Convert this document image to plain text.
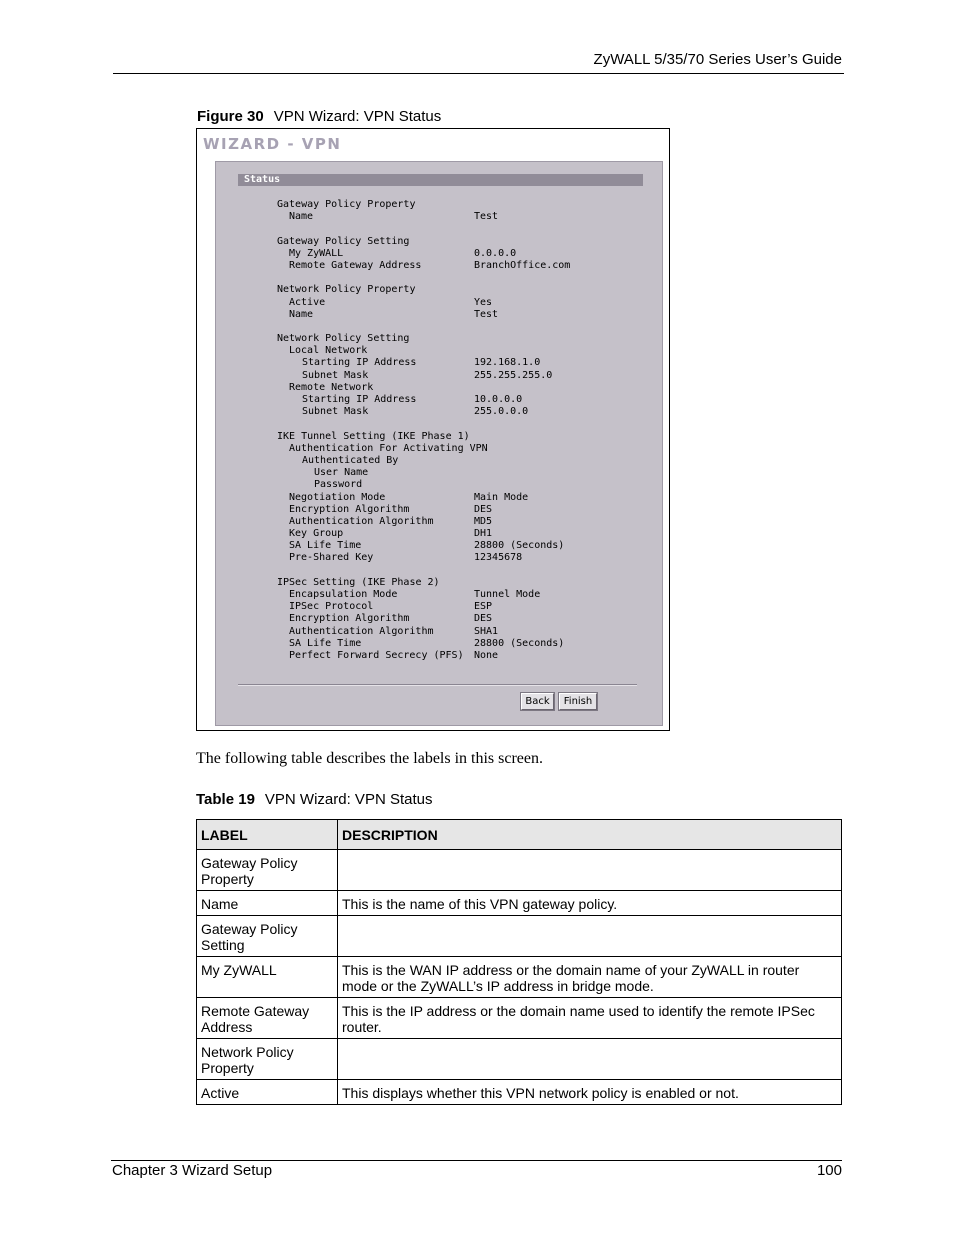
ZyWALL 5/35/70 Series User’s Guide
Figure 30 VPN Wizard: VPN Status
WIZARD - VPN
Status
Gateway Policy Property
Name	Test
Gateway Policy Setting
My ZyWALL	0.0.0.0
Remote Gateway Address	BranchOffice.com
Network Policy Property
Active	Yes
Name	Test
Network Policy Setting
Local Network
Starting IP Address	192.168.1.0
Subnet Mask	255.255.255.0
Remote Network
Starting IP Address	10.0.0.0
Subnet Mask	255.0.0.0
IKE Tunnel Setting (IKE Phase 1)
Authentication For Activating VPN
Authenticated By
User Name
Password
Negotiation Mode	Main Mode
Encryption Algorithm	DES
Authentication Algorithm	MD5
Key Group	DH1
SA Life Time	28800 (Seconds)
Pre-Shared Key	12345678
IPSec Setting (IKE Phase 2)
Encapsulation Mode	Tunnel Mode
IPSec Protocol	ESP
Encryption Algorithm	DES
Authentication Algorithm	SHA1
SA Life Time	28800 (Seconds)
Perfect Forward Secrecy (PFS) None
Back	Finish
The following table describes the labels in this screen.
Table 19 VPN Wizard: VPN Status
LABEL	DESCRIPTION
Gateway Policy Property	
Name	This is the name of this VPN gateway policy.
Gateway Policy Setting	
My ZyWALL	This is the WAN IP address or the domain name of your ZyWALL in router mode or the ZyWALL’s IP address in bridge mode.
Remote Gateway Address	This is the IP address or the domain name used to identify the remote IPSec router.
Network Policy Property	
Active	This displays whether this VPN network policy is enabled or not.
Chapter 3 Wizard Setup	100
